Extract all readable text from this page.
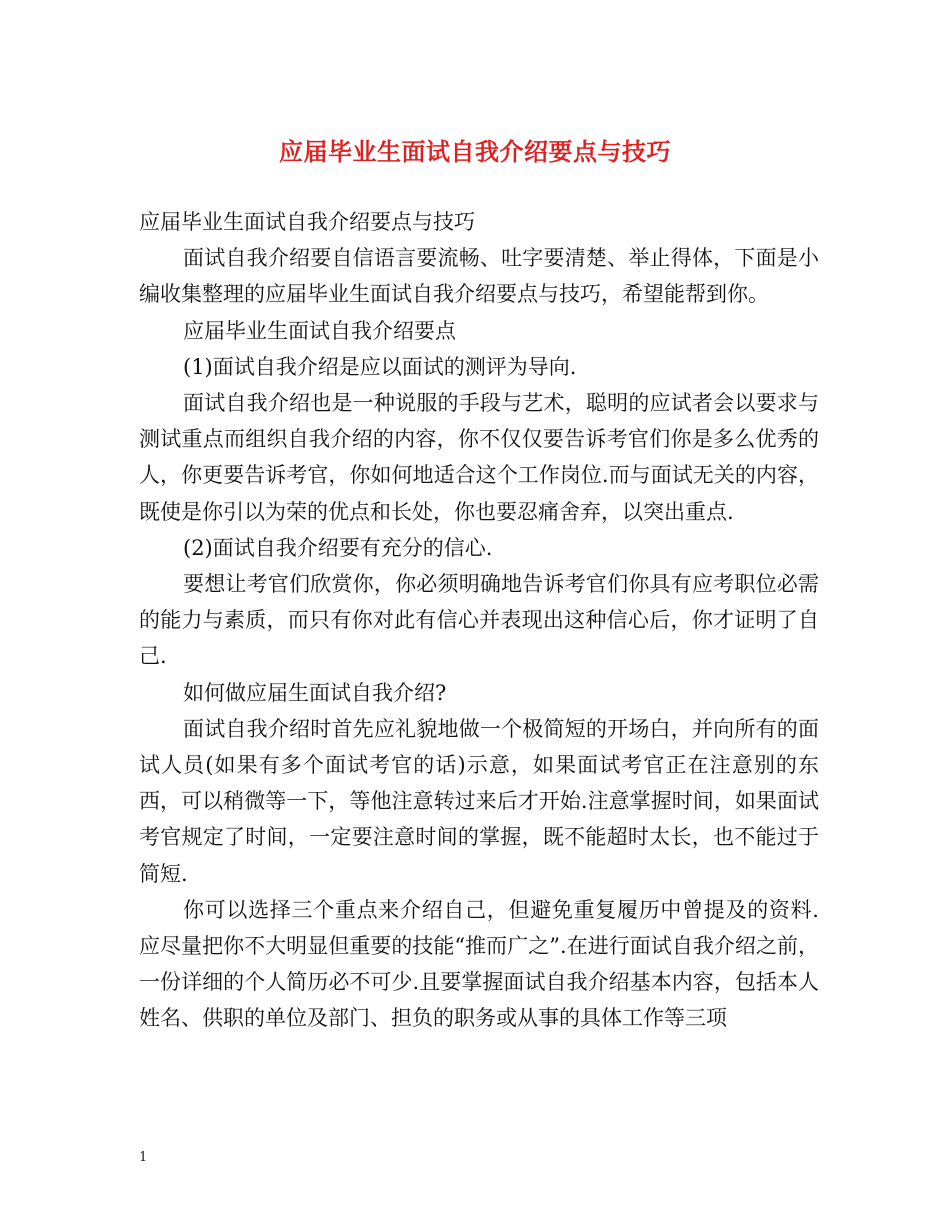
应届毕业生面试自我介绍要点与技巧

应届毕业生面试自我介绍要点与技巧

面试自我介绍要自信语言要流畅、吐字要清楚、举止得体，下面是小编收集整理的应届毕业生面试自我介绍要点与技巧，希望能帮到你。

应届毕业生面试自我介绍要点

(1)面试自我介绍是应以面试的测评为导向.

面试自我介绍也是一种说服的手段与艺术，聪明的应试者会以要求与测试重点而组织自我介绍的内容，你不仅仅要告诉考官们你是多么优秀的人，你更要告诉考官，你如何地适合这个工作岗位.而与面试无关的内容，既使是你引以为荣的优点和长处，你也要忍痛舍弃，以突出重点.

(2)面试自我介绍要有充分的信心.

要想让考官们欣赏你，你必须明确地告诉考官们你具有应考职位必需的能力与素质，而只有你对此有信心并表现出这种信心后，你才证明了自己.

如何做应届生面试自我介绍?

面试自我介绍时首先应礼貌地做一个极简短的开场白，并向所有的面试人员(如果有多个面试考官的话)示意，如果面试考官正在注意别的东西，可以稍微等一下，等他注意转过来后才开始.注意掌握时间，如果面试考官规定了时间，一定要注意时间的掌握，既不能超时太长，也不能过于简短.

你可以选择三个重点来介绍自己，但避免重复履历中曾提及的资料.应尽量把你不大明显但重要的技能“推而广之”.在进行面试自我介绍之前，一份详细的个人简历必不可少.且要掌握面试自我介绍基本内容，包括本人姓名、供职的单位及部门、担负的职务或从事的具体工作等三项

1
